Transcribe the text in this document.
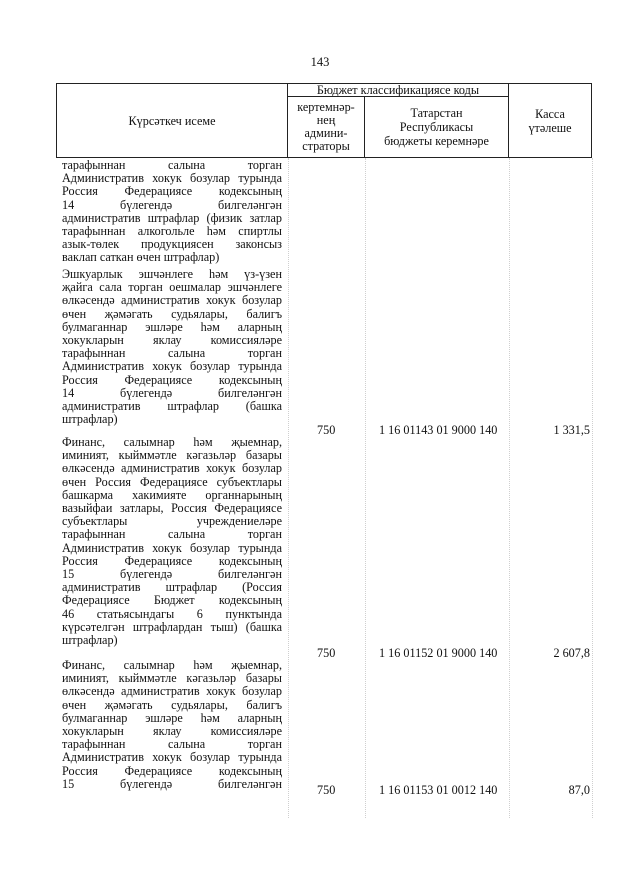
143
Күрсәткеч исеме
Бюджет классификациясе коды
кертемнәр-
нең
админи-
страторы
Татарстан
Республикасы
бюджеты керемнәре
Касса
үтәлеше
тарафыннан салына торган
Административ хокук бозулар турында
Россия Федерациясе кодексының
14 бүлегендә билгеләнгән
административ штрафлар (физик затлар
тарафыннан алкогольле һәм спиртлы
азык-төлек продукциясен законсыз
ваклап саткан өчен штрафлар)
Эшкуарлык эшчәнлеге һәм үз-үзен
җайга сала торган оешмалар эшчәнлеге
өлкәсендә административ хокук бозулар
өчен җәмәгать судьялары, балигъ
булмаганнар эшләре һәм аларның
хокукларын яклау комиссияләре
тарафыннан салына торган
Административ хокук бозулар турында
Россия Федерациясе кодексының
14 бүлегендә билгеләнгән
административ штрафлар (башка
штрафлар)
750	1 16 01143 01 9000 140	1 331,5
Финанс, салымнар һәм җыемнар,
иминият, кыйммәтле кәгазьләр базары
өлкәсендә административ хокук бозулар
өчен Россия Федерациясе субъектлары
башкарма хакимияте органнарының
вазыйфаи затлары, Россия Федерациясе
субъектлары учреждениеләре
тарафыннан салына торган
Административ хокук бозулар турында
Россия Федерациясе кодексының
15 бүлегендә билгеләнгән
административ штрафлар (Россия
Федерациясе Бюджет кодексының
46 статьясындагы 6 пунктында
күрсәтелгән штрафлардан тыш) (башка
штрафлар)
750	1 16 01152 01 9000 140	2 607,8
Финанс, салымнар һәм җыемнар,
иминият, кыйммәтле кәгазьләр базары
өлкәсендә административ хокук бозулар
өчен җәмәгать судьялары, балигъ
булмаганнар эшләре һәм аларның
хокукларын яклау комиссияләре
тарафыннан салына торган
Административ хокук бозулар турында
Россия Федерациясе кодексының
15 бүлегендә билгеләнгән	750	1 16 01153 01 0012 140	87,0
